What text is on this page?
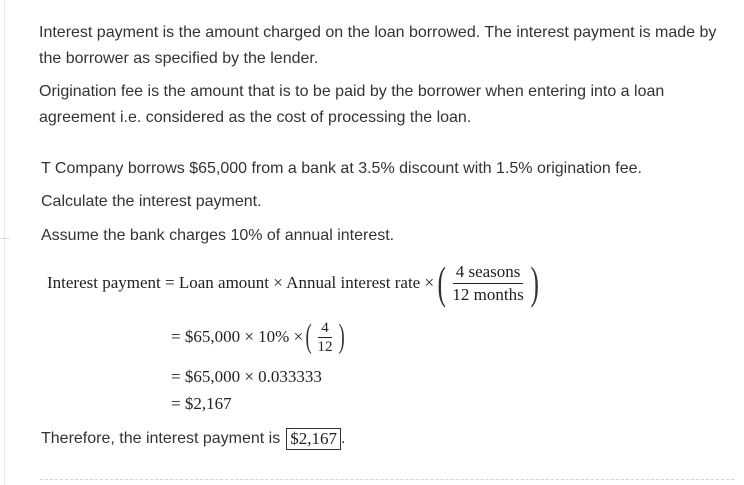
Interest payment is the amount charged on the loan borrowed. The interest payment is made by the borrower as specified by the lender.

Origination fee is the amount that is to be paid by the borrower when entering into a loan agreement i.e. considered as the cost of processing the loan.

T Company borrows $65,000 from a bank at 3.5% discount with 1.5% origination fee.
Calculate the interest payment.
Assume the bank charges 10% of annual interest.
Interest payment = Loan amount × Annual interest rate × ( $\frac{\text{4 seasons}}{\text{12 months}}$ )
= $65,000 × 10% × ( $\frac{4}{12}$ )
= $65,000 × 0.033333
= $2,167
Therefore, the interest payment is $2,167 .
